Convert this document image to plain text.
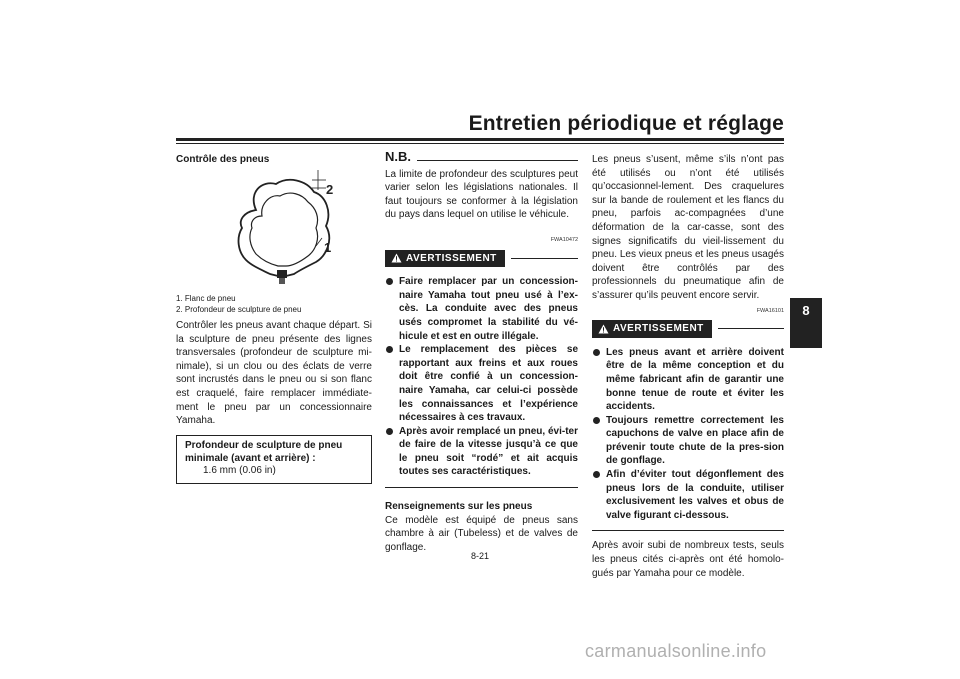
Entretien périodique et réglage
8
Contrôle des pneus
2
1
1. Flanc de pneu
2. Profondeur de sculpture de pneu

Contrôler les pneus avant chaque départ. Si la sculpture de pneu présente des lignes transversales (profondeur de sculpture mi-nimale), si un clou ou des éclats de verre sont incrustés dans le pneu ou si son flanc est craquelé, faire remplacer immédiate-ment le pneu par un concessionnaire Yamaha.

Profondeur de sculpture de pneu minimale (avant et arrière) :
1.6 mm (0.06 in)
N.B.

La limite de profondeur des sculptures peut varier selon les législations nationales. Il faut toujours se conformer à la législation du pays dans lequel on utilise le véhicule.

FWA10472
AVERTISSEMENT
Faire remplacer par un concession-naire Yamaha tout pneu usé à l’ex-cès. La conduite avec des pneus usés compromet la stabilité du vé-hicule et est en outre illégale.
Le remplacement des pièces se rapportant aux freins et aux roues doit être confié à un concession-naire Yamaha, car celui-ci possède les connaissances et l’expérience nécessaires à ces travaux.
Après avoir remplacé un pneu, évi-ter de faire de la vitesse jusqu’à ce que le pneu soit “rodé” et ait acquis toutes ses caractéristiques.
Renseignements sur les pneus

Ce modèle est équipé de pneus sans chambre à air (Tubeless) et de valves de gonflage.

Les pneus s’usent, même s’ils n’ont pas été utilisés ou n’ont été utilisés qu’occasionnel-lement. Des craquelures sur la bande de roulement et les flancs du pneu, parfois ac-compagnées d’une déformation de la car-casse, sont des signes significatifs du vieil-lissement du pneu. Les vieux pneus et les pneus usagés doivent être contrôlés par des professionnels du pneumatique afin de s’assurer qu’ils peuvent encore servir.

FWA16101
AVERTISSEMENT
Les pneus avant et arrière doivent être de la même conception et du même fabricant afin de garantir une bonne tenue de route et éviter les accidents.
Toujours remettre correctement les capuchons de valve en place afin de prévenir toute chute de la pres-sion de gonflage.
Afin d’éviter tout dégonflement des pneus lors de la conduite, utiliser exclusivement les valves et obus de valve figurant ci-dessous.

Après avoir subi de nombreux tests, seuls les pneus cités ci-après ont été homolo-gués par Yamaha pour ce modèle.

8-21
carmanualsonline.info
